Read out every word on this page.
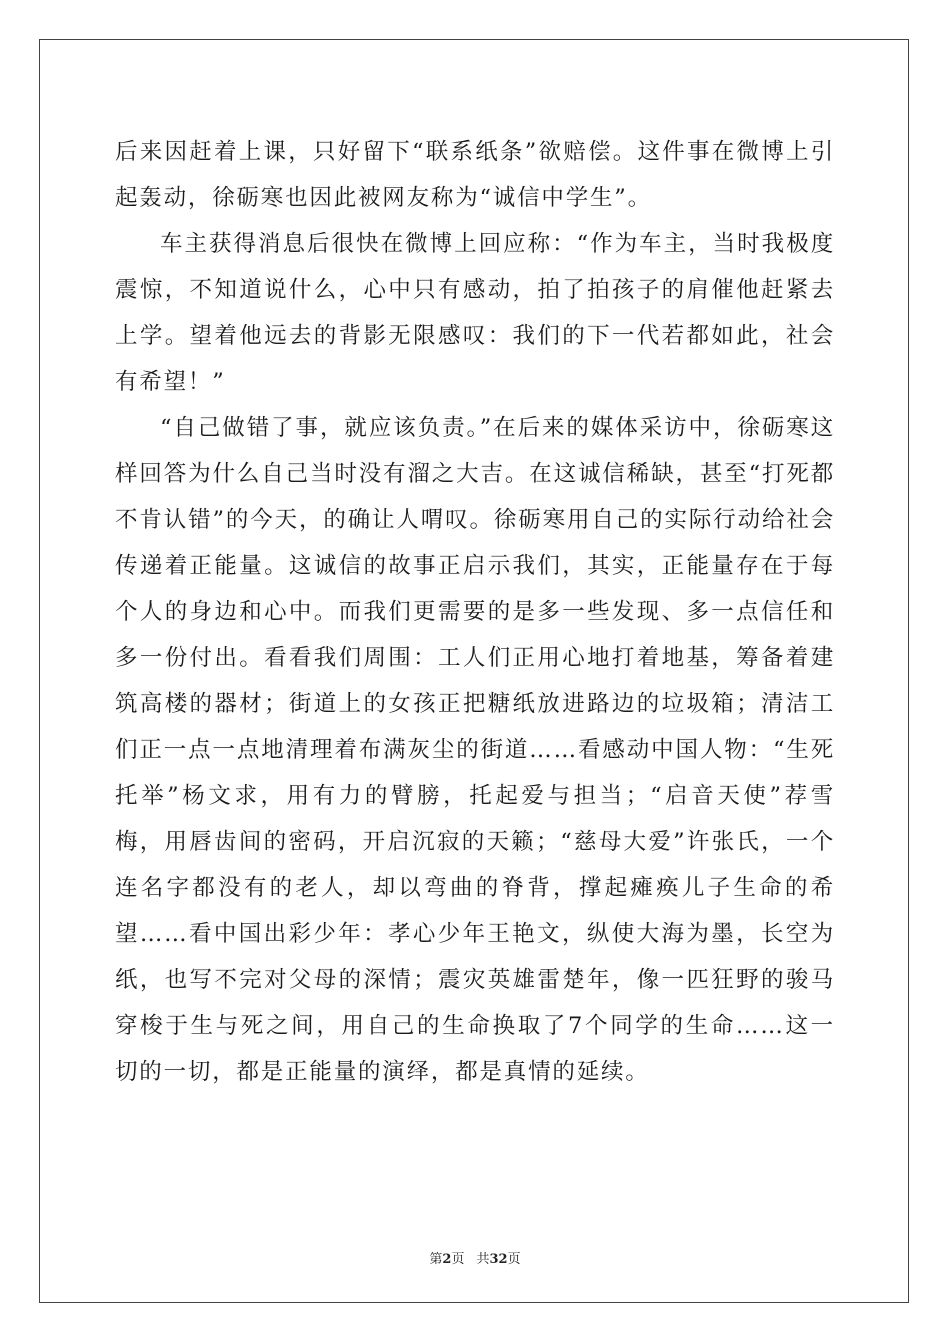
后来因赶着上课，只好留下“联系纸条”欲赔偿。这件事在微博上引起轰动，徐砺寒也因此被网友称为“诚信中学生”。

车主获得消息后很快在微博上回应称：“作为车主，当时我极度震惊，不知道说什么，心中只有感动，拍了拍孩子的肩催他赶紧去上学。望着他远去的背影无限感叹：我们的下一代若都如此，社会有希望！”

“自己做错了事，就应该负责。”在后来的媒体采访中，徐砺寒这样回答为什么自己当时没有溜之大吉。在这诚信稀缺，甚至“打死都不肯认错”的今天，的确让人喟叹。徐砺寒用自己的实际行动给社会传递着正能量。这诚信的故事正启示我们，其实，正能量存在于每个人的身边和心中。而我们更需要的是多一些发现、多一点信任和多一份付出。看看我们周围：工人们正用心地打着地基，筹备着建筑高楼的器材；街道上的女孩正把糖纸放进路边的垃圾箱；清洁工们正一点一点地清理着布满灰尘的街道……看感动中国人物：“生死托举”杨文求，用有力的臂膀，托起爱与担当；“启音天使”荐雪梅，用唇齿间的密码，开启沉寂的天籁；“慈母大爱”许张氏，一个连名字都没有的老人，却以弯曲的脊背，撑起瘫痪儿子生命的希望……看中国出彩少年：孝心少年王艳文，纵使大海为墨，长空为纸，也写不完对父母的深情；震灾英雄雷楚年，像一匹狂野的骏马穿梭于生与死之间，用自己的生命换取了7个同学的生命……这一切的一切，都是正能量的演绎，都是真情的延续。

第2页 共32页
